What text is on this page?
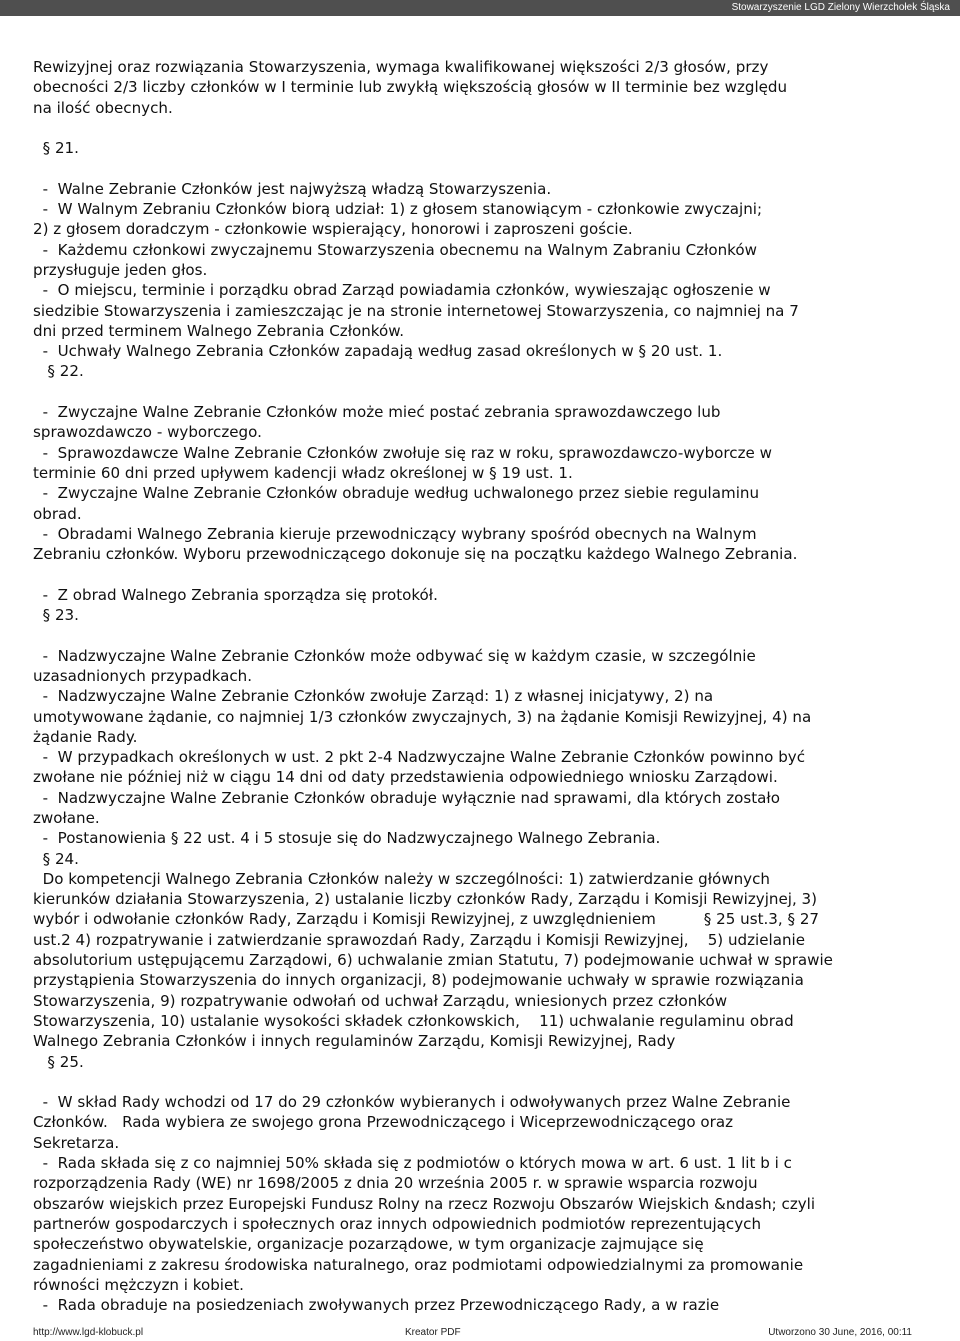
Stowarzyszenie LGD Zielony Wierzchołek Śląska
Rewizyjnej oraz rozwiązania Stowarzyszenia, wymaga kwalifikowanej większości 2/3 głosów, przy
obecności 2/3 liczby członków w I terminie lub zwykłą większością głosów w II terminie bez względu
na ilość obecnych.
§ 21.
-  Walne Zebranie Członków jest najwyższą władzą Stowarzyszenia.
-  W Walnym Zebraniu Członków biorą udział: 1) z głosem stanowiącym - członkowie zwyczajni;
2) z głosem doradczym - członkowie wspierający, honorowi i zaproszeni goście.
-  Każdemu członkowi zwyczajnemu Stowarzyszenia obecnemu na Walnym Zabraniu Członków
przysługuje jeden głos.
-  O miejscu, terminie i porządku obrad Zarząd powiadamia członków, wywieszając ogłoszenie w
siedzibie Stowarzyszenia i zamieszczając je na stronie internetowej Stowarzyszenia, co najmniej na 7
dni przed terminem Walnego Zebrania Członków.
-  Uchwały Walnego Zebrania Członków zapadają według zasad określonych w § 20 ust. 1.
§ 22.

-  Zwyczajne Walne Zebranie Członków może mieć postać zebrania sprawozdawczego lub
sprawozdawczo - wyborczego.
-  Sprawozdawcze Walne Zebranie Członków zwołuje się raz w roku, sprawozdawczo-wyborcze w
terminie 60 dni przed upływem kadencji władz określonej w § 19 ust. 1.
-  Zwyczajne Walne Zebranie Członków obraduje według uchwalonego przez siebie regulaminu
obrad.
-  Obradami Walnego Zebrania kieruje przewodniczący wybrany spośród obecnych na Walnym
Zebraniu członków. Wyboru przewodniczącego dokonuje się na początku każdego Walnego Zebrania.
-  Z obrad Walnego Zebrania sporządza się protokół.
§ 23.

-  Nadzwyczajne Walne Zebranie Członków może odbywać się w każdym czasie, w szczególnie
uzasadnionych przypadkach.
-  Nadzwyczajne Walne Zebranie Członków zwołuje Zarząd: 1) z własnej inicjatywy, 2) na
umotywowane żądanie, co najmniej 1/3 członków zwyczajnych, 3) na żądanie Komisji Rewizyjnej, 4) na
żądanie Rady.
-  W przypadkach określonych w ust. 2 pkt 2-4 Nadzwyczajne Walne Zebranie Członków powinno być
zwołane nie później niż w ciągu 14 dni od daty przedstawienia odpowiedniego wniosku Zarządowi.
-  Nadzwyczajne Walne Zebranie Członków obraduje wyłącznie nad sprawami, dla których zostało
zwołane.
-  Postanowienia § 22 ust. 4 i 5 stosuje się do Nadzwyczajnego Walnego Zebrania.
§ 24.
Do kompetencji Walnego Zebrania Członków należy w szczególności: 1) zatwierdzanie głównych
kierunków działania Stowarzyszenia, 2) ustalanie liczby członków Rady, Zarządu i Komisji Rewizyjnej, 3)
wybór i odwołanie członków Rady, Zarządu i Komisji Rewizyjnej, z uwzględnieniem          § 25 ust.3, § 27
ust.2 4) rozpatrywanie i zatwierdzanie sprawozdań Rady, Zarządu i Komisji Rewizyjnej,    5) udzielanie
absolutorium ustępującemu Zarządowi, 6) uchwalanie zmian Statutu, 7) podejmowanie uchwał w sprawie
przystąpienia Stowarzyszenia do innych organizacji, 8) podejmowanie uchwały w sprawie rozwiązania
Stowarzyszenia, 9) rozpatrywanie odwołań od uchwał Zarządu, wniesionych przez członków
Stowarzyszenia, 10) ustalanie wysokości składek członkowskich,    11) uchwalanie regulaminu obrad
Walnego Zebrania Członków i innych regulaminów Zarządu, Komisji Rewizyjnej, Rady
§ 25.
-  W skład Rady wchodzi od 17 do 29 członków wybieranych i odwoływanych przez Walne Zebranie
Członków.   Rada wybiera ze swojego grona Przewodniczącego i Wiceprzewodniczącego oraz
Sekretarza.
-  Rada składa się z co najmniej 50% składa się z podmiotów o których mowa w art. 6 ust. 1 lit b i c
rozporządzenia Rady (WE) nr 1698/2005 z dnia 20 września 2005 r. w sprawie wsparcia rozwoju
obszarów wiejskich przez Europejski Fundusz Rolny na rzecz Rozwoju Obszarów Wiejskich &ndash; czyli
partnerów gospodarczych i społecznych oraz innych odpowiednich podmiotów reprezentujących
społeczeństwo obywatelskie, organizacje pozarządowe, w tym organizacje zajmujące się
zagadnieniami z zakresu środowiska naturalnego, oraz podmiotami odpowiedzialnymi za promowanie
równości mężczyzn i kobiet.
-  Rada obraduje na posiedzeniach zwoływanych przez Przewodniczącego Rady, a w razie
http://www.lgd-klobuck.pl	Kreator PDF	Utworzono 30 June, 2016, 00:11
